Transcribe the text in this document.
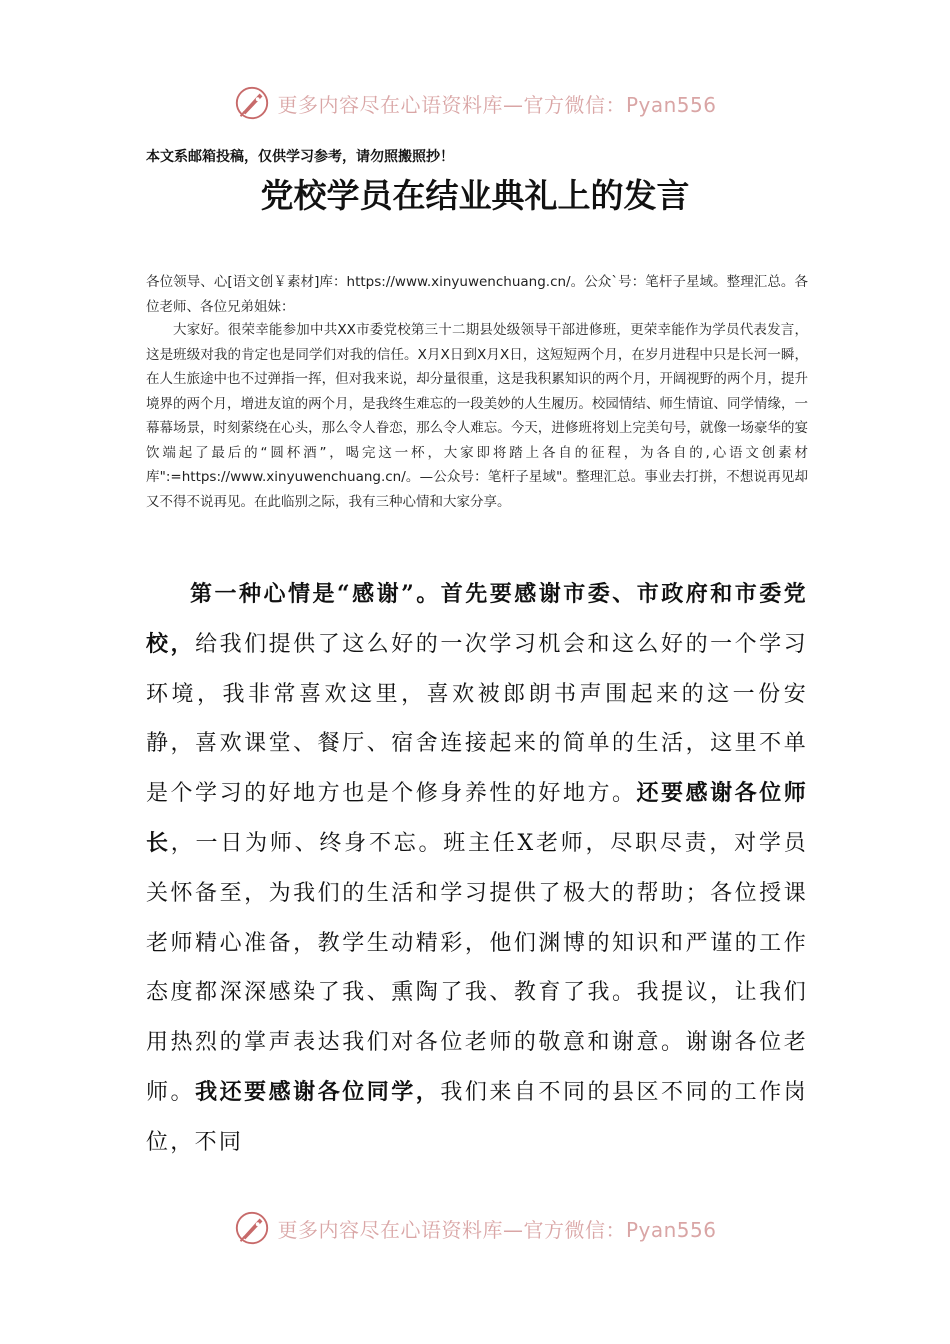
更多内容尽在心语资料库—官方微信：Pyan556
本文系邮箱投稿，仅供学习参考，请勿照搬照抄！
党校学员在结业典礼上的发言
各位领导、心[语文创￥素材]库：https://www.xinyuwenchuang.cn/。公众`号：笔杆子星域。整理汇总。各位老师、各位兄弟姐妹：
大家好。很荣幸能参加中共XX市委党校第三十二期县处级领导干部进修班，更荣幸能作为学员代表发言，这是班级对我的肯定也是同学们对我的信任。X月X日到X月X日，这短短两个月，在岁月进程中只是长河一瞬，在人生旅途中也不过弹指一挥，但对我来说，却分量很重，这是我积累知识的两个月，开阔视野的两个月，提升境界的两个月，增进友谊的两个月，是我终生难忘的一段美妙的人生履历。校园情结、师生情谊、同学情缘，一幕幕场景，时刻萦绕在心头，那么令人眷恋，那么令人难忘。今天，进修班将划上完美句号，就像一场豪华的宴饮端起了最后的“圆杯酒”，喝完这一杯，大家即将踏上各自的征程，为各自的,心语文创素材库":=https://www.xinyuwenchuang.cn/。—公众号：笔杆子星域"。整理汇总。事业去打拼，不想说再见却又不得不说再见。在此临别之际，我有三种心情和大家分享。

第一种心情是“感谢”。首先要感谢市委、市政府和市委党校，给我们提供了这么好的一次学习机会和这么好的一个学习环境，我非常喜欢这里，喜欢被郎朗书声围起来的这一份安静，喜欢课堂、餐厅、宿舍连接起来的简单的生活，这里不单是个学习的好地方也是个修身养性的好地方。还要感谢各位师长，一日为师、终身不忘。班主任X老师，尽职尽责，对学员关怀备至，为我们的生活和学习提供了极大的帮助；各位授课老师精心准备，教学生动精彩，他们渊博的知识和严谨的工作态度都深深感染了我、熏陶了我、教育了我。我提议，让我们用热烈的掌声表达我们对各位老师的敬意和谢意。谢谢各位老师。我还要感谢各位同学，我们来自不同的县区不同的工作岗位，不同

更多内容尽在心语资料库—官方微信：Pyan556
